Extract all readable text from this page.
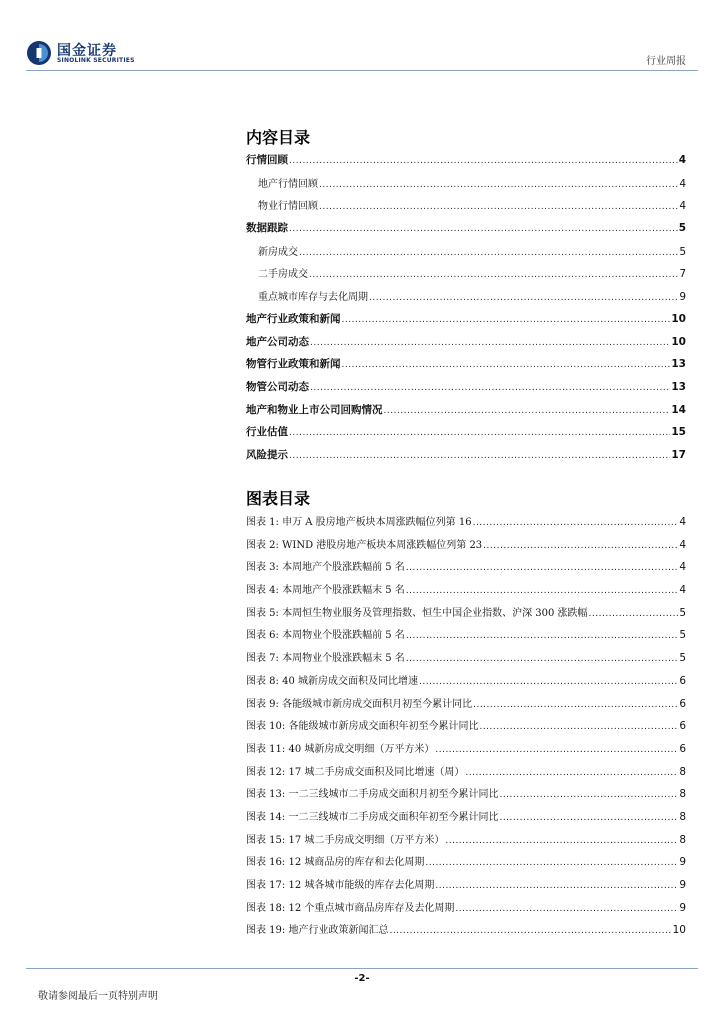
国金证券
SINOLINK SECURITIES	行业周报
内容目录
行情回顾 .....	4
地产行情回顾 .....	4
物业行情回顾 .....	4
数据跟踪 .....	5
新房成交 .....	5
二手房成交 .....	7
重点城市库存与去化周期 .....	9
地产行业政策和新闻 .....	10
地产公司动态 .....	10
物管行业政策和新闻 .....	13
物管公司动态 .....	13
地产和物业上市公司回购情况 .....	14
行业估值 .....	15
风险提示 .....	17
图表目录
图表 1: 申万 A 股房地产板块本周涨跌幅位列第 16 .....	4
图表 2: WIND 港股房地产板块本周涨跌幅位列第 23 .....	4
图表 3: 本周地产个股涨跌幅前 5 名 .....	4
图表 4: 本周地产个股涨跌幅末 5 名 .....	4
图表 5: 本周恒生物业服务及管理指数、恒生中国企业指数、沪深 300 涨跌幅 .....	5
图表 6: 本周物业个股涨跌幅前 5 名 .....	5
图表 7: 本周物业个股涨跌幅末 5 名 .....	5
图表 8: 40 城新房成交面积及同比增速 .....	6
图表 9: 各能级城市新房成交面积月初至今累计同比 .....	6
图表 10: 各能级城市新房成交面积年初至今累计同比 .....	6
图表 11: 40 城新房成交明细（万平方米） .....	6
图表 12: 17 城二手房成交面积及同比增速（周） .....	8
图表 13: 一二三线城市二手房成交面积月初至今累计同比 .....	8
图表 14: 一二三线城市二手房成交面积年初至今累计同比 .....	8
图表 15: 17 城二手房成交明细（万平方米） .....	8
图表 16: 12 城商品房的库存和去化周期 .....	9
图表 17: 12 城各城市能级的库存去化周期 .....	9
图表 18: 12 个重点城市商品房库存及去化周期 .....	9
图表 19: 地产行业政策新闻汇总 .....	10
-2-
敬请参阅最后一页特别声明
